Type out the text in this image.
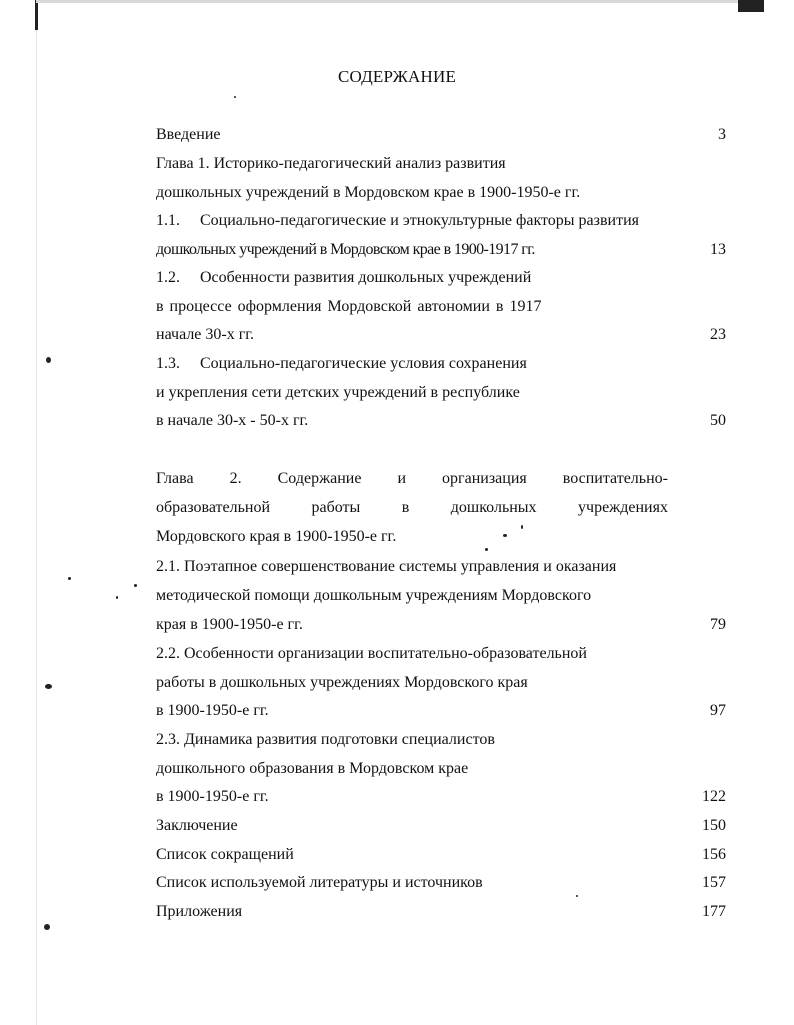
СОДЕРЖАНИЕ
Введение	3
Глава 1. Историко-педагогический анализ развития
дошкольных учреждений в Мордовском крае в 1900-1950-е гг.
1.1. Социально-педагогические и этнокультурные факторы развития
дошкольных учреждений в Мордовском крае в 1900-1917 гг.	13
1.2. Особенности развития дошкольных учреждений
в процессе оформления Мордовской автономии в 1917
начале 30-х гг.	23
1.3. Социально-педагогические условия сохранения
и укрепления сети детских учреждений в республике
в начале 30-х - 50-х гг.	50
Глава 2. Содержание и организация воспитательно-
образовательной	работы	в	дошкольных	учреждениях
Мордовского края в 1900-1950-е гг.
2.1. Поэтапное совершенствование системы управления и оказания
методической помощи дошкольным учреждениям Мордовского
края в 1900-1950-е гг.	79
2.2. Особенности организации воспитательно-образовательной
работы в дошкольных учреждениях Мордовского края
в 1900-1950-е гг.	97
2.3. Динамика развития подготовки специалистов
дошкольного образования в Мордовском крае
в 1900-1950-е гг.	122
Заключение	150
Список сокращений	156
Список используемой литературы и источников	157
Приложения	177
